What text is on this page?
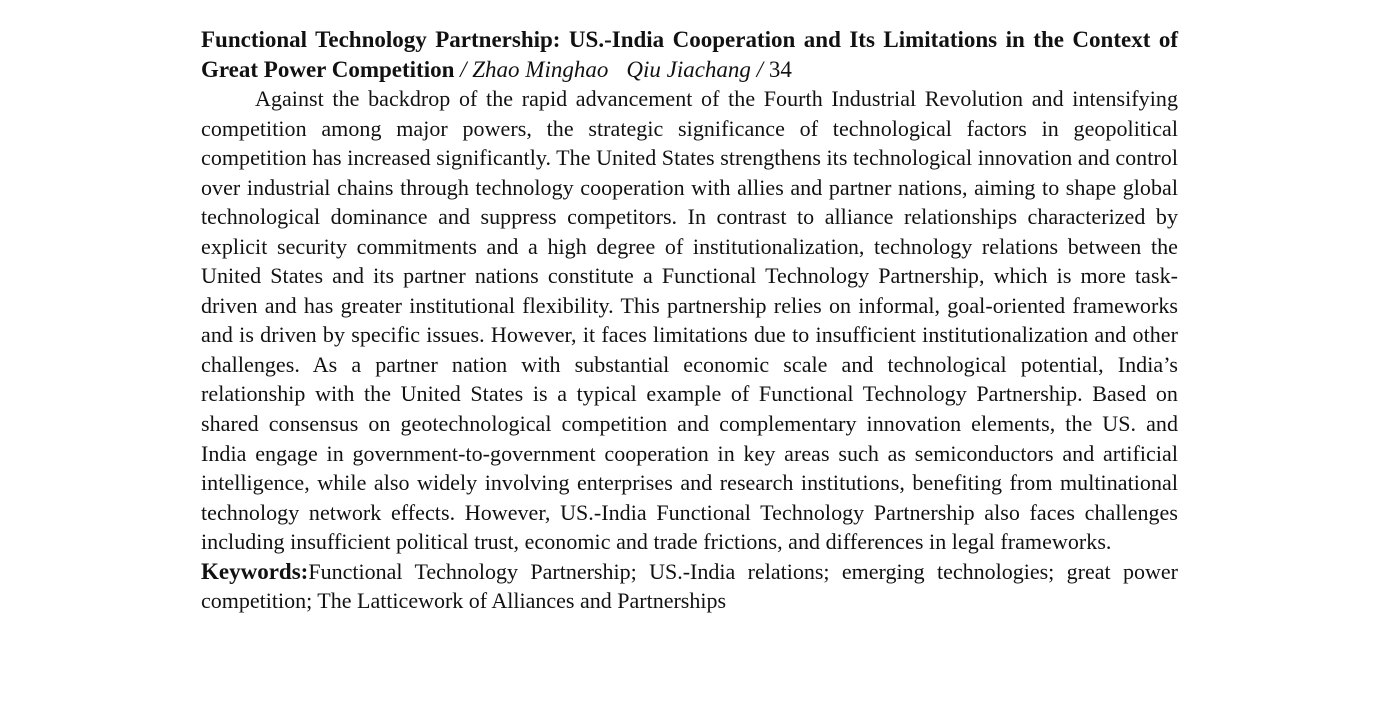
Functional Technology Partnership: US.-India Cooperation and Its Limitations in the Context of Great Power Competition / Zhao Minghao Qiu Jiachang / 34

Against the backdrop of the rapid advancement of the Fourth Industrial Revolution and intensifying competition among major powers, the strategic significance of technological factors in geopolitical competition has increased significantly. The United States strengthens its technological innovation and control over industrial chains through technology cooperation with allies and partner nations, aiming to shape global technological dominance and suppress competitors. In contrast to alliance relationships characterized by explicit security commitments and a high degree of institutionalization, technology relations between the United States and its partner nations constitute a Functional Technology Partnership, which is more task-driven and has greater institutional flexibility. This partnership relies on informal, goal-oriented frameworks and is driven by specific issues. However, it faces limitations due to insufficient institutionalization and other challenges. As a partner nation with substantial economic scale and technological potential, India’s relationship with the United States is a typical example of Functional Technology Partnership. Based on shared consensus on geotechnological competition and complementary innovation elements, the US. and India engage in government-to-government cooperation in key areas such as semiconductors and artificial intelligence, while also widely involving enterprises and research institutions, benefiting from multinational technology network effects. However, US.-India Functional Technology Partnership also faces challenges including insufficient political trust, economic and trade frictions, and differences in legal frameworks.

Keywords:Functional Technology Partnership; US.-India relations; emerging technologies; great power competition; The Latticework of Alliances and Partnerships
